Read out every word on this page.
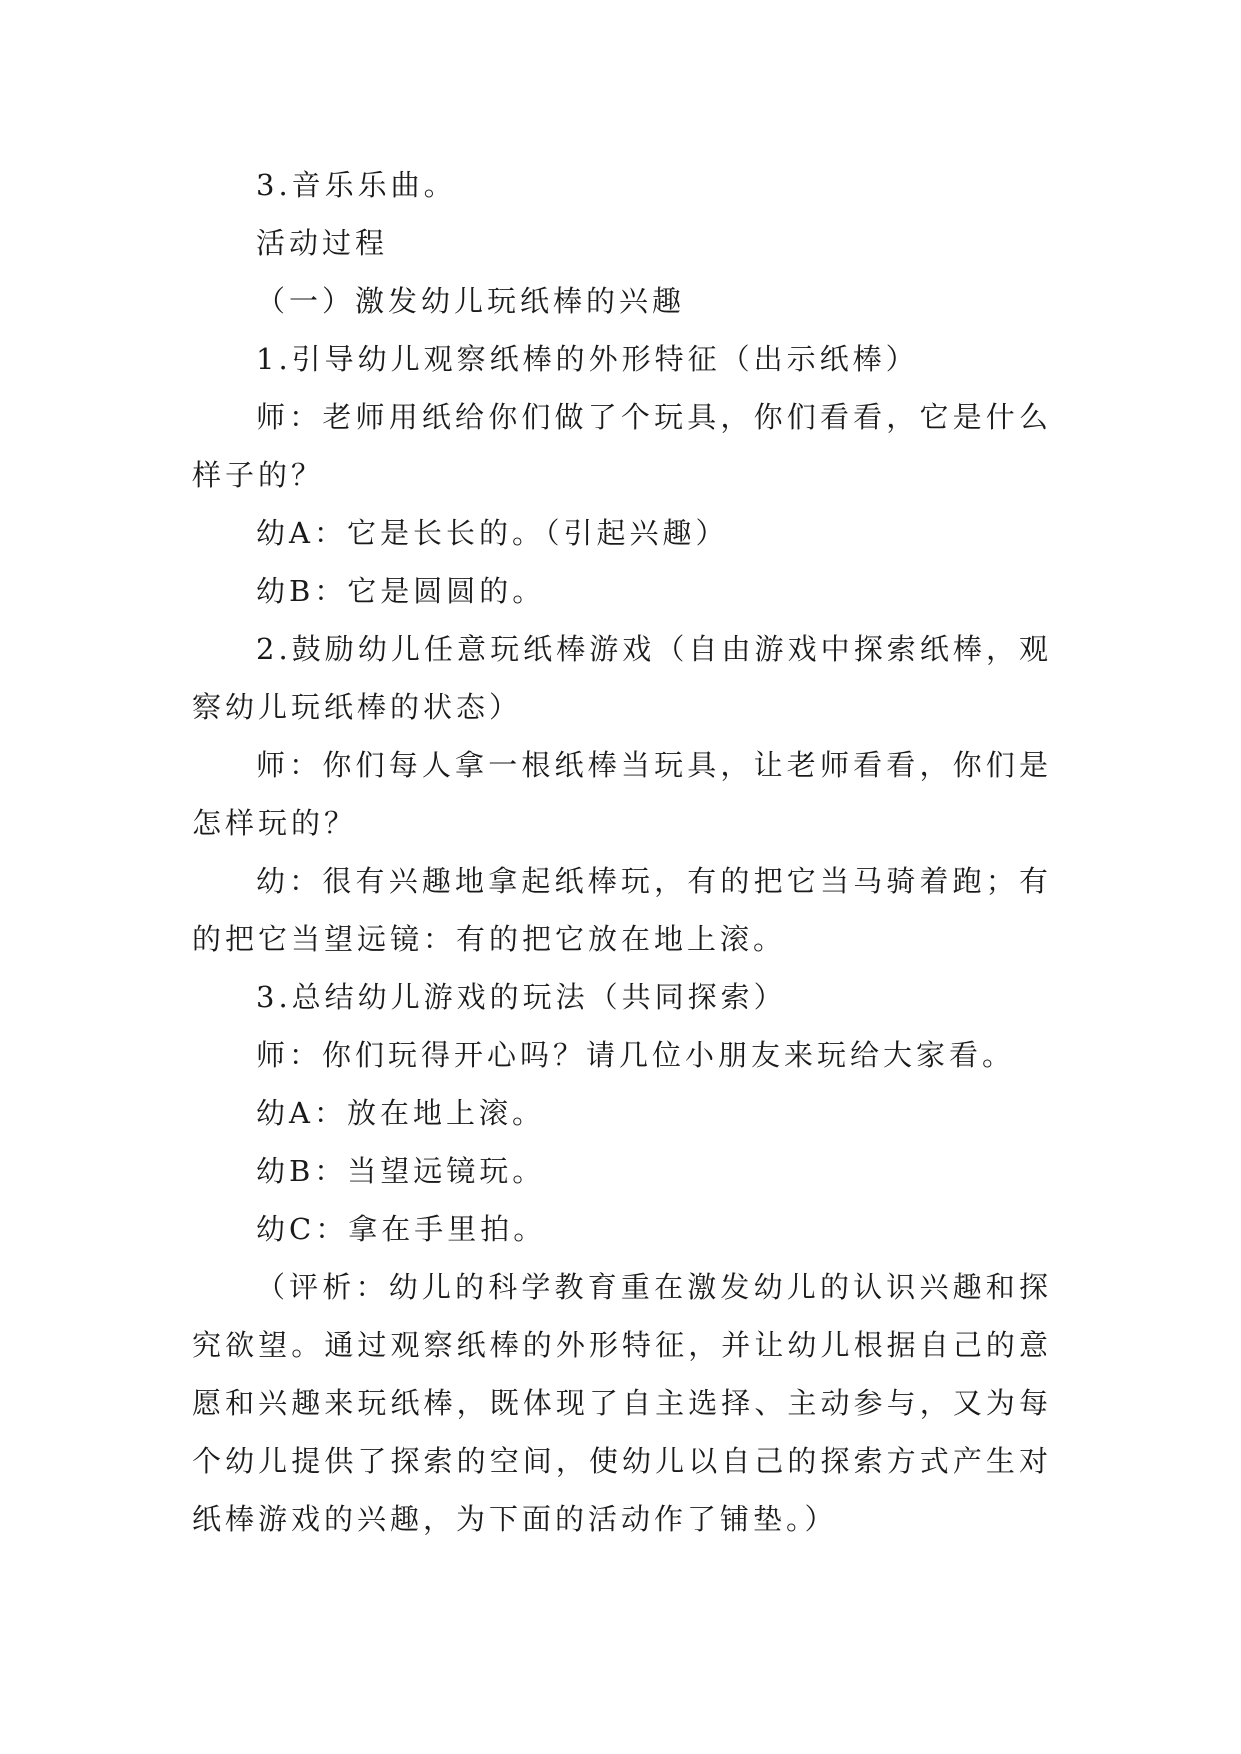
3.音乐乐曲。

活动过程

（一）激发幼儿玩纸棒的兴趣

1.引导幼儿观察纸棒的外形特征（出示纸棒）

师：老师用纸给你们做了个玩具，你们看看，它是什么样子的？

幼A：它是长长的。（引起兴趣）

幼B：它是圆圆的。

2.鼓励幼儿任意玩纸棒游戏（自由游戏中探索纸棒，观察幼儿玩纸棒的状态）

师：你们每人拿一根纸棒当玩具，让老师看看，你们是怎样玩的？

幼：很有兴趣地拿起纸棒玩，有的把它当马骑着跑；有的把它当望远镜：有的把它放在地上滚。

3.总结幼儿游戏的玩法（共同探索）

师：你们玩得开心吗？请几位小朋友来玩给大家看。

幼A：放在地上滚。

幼B：当望远镜玩。

幼C：拿在手里拍。

（评析：幼儿的科学教育重在激发幼儿的认识兴趣和探究欲望。通过观察纸棒的外形特征，并让幼儿根据自己的意愿和兴趣来玩纸棒，既体现了自主选择、主动参与，又为每个幼儿提供了探索的空间，使幼儿以自己的探索方式产生对纸棒游戏的兴趣，为下面的活动作了铺垫。）
